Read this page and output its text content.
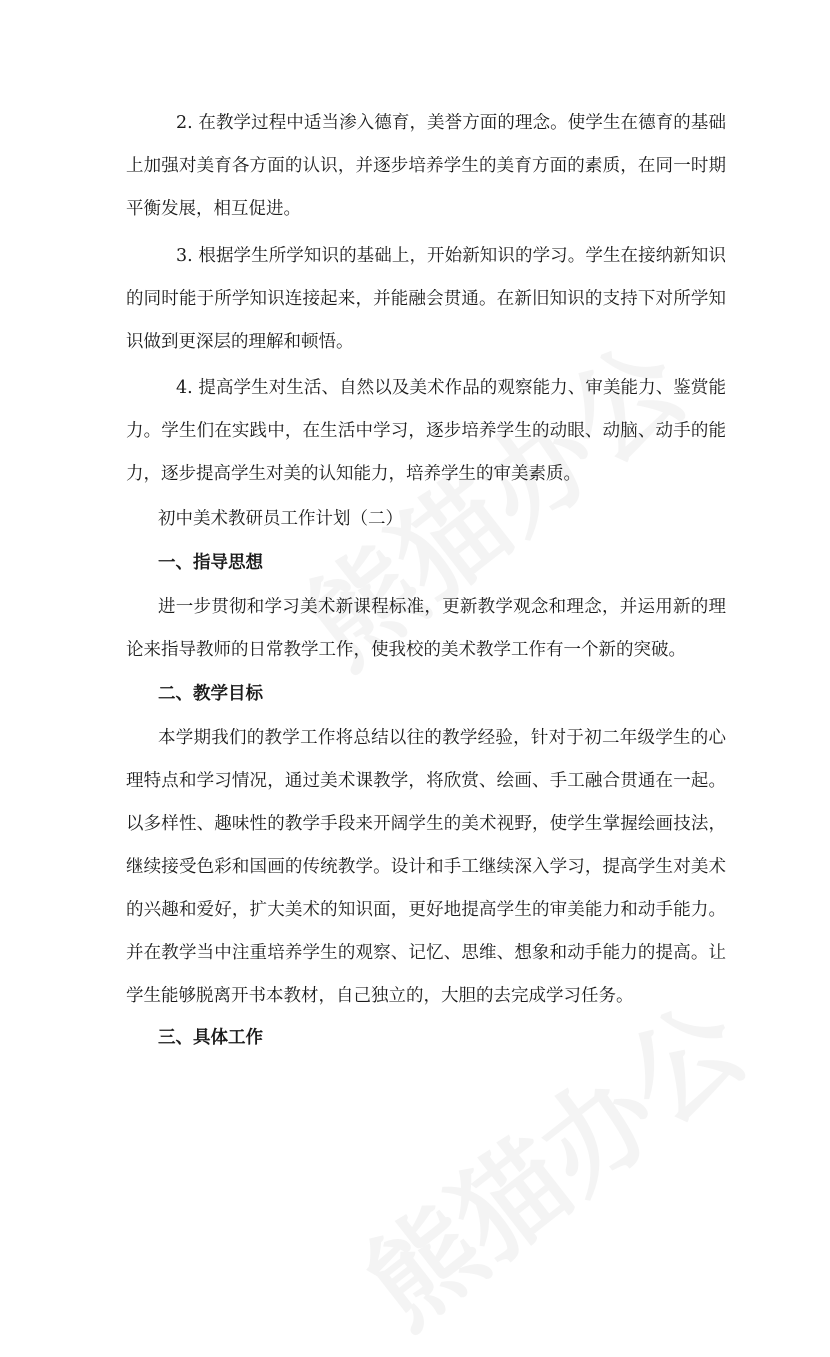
2. 在教学过程中适当渗入德育，美誉方面的理念。使学生在德育的基础
上加强对美育各方面的认识，并逐步培养学生的美育方面的素质，在同一时期
平衡发展，相互促进。
3. 根据学生所学知识的基础上，开始新知识的学习。学生在接纳新知识
的同时能于所学知识连接起来，并能融会贯通。在新旧知识的支持下对所学知
识做到更深层的理解和顿悟。
4. 提高学生对生活、自然以及美术作品的观察能力、审美能力、鉴赏能
力。学生们在实践中，在生活中学习，逐步培养学生的动眼、动脑、动手的能
力，逐步提高学生对美的认知能力，培养学生的审美素质。
初中美术教研员工作计划（二）
一、指导思想
进一步贯彻和学习美术新课程标准，更新教学观念和理念，并运用新的理
论来指导教师的日常教学工作，使我校的美术教学工作有一个新的突破。
二、教学目标
本学期我们的教学工作将总结以往的教学经验，针对于初二年级学生的心
理特点和学习情况，通过美术课教学，将欣赏、绘画、手工融合贯通在一起。
以多样性、趣味性的教学手段来开阔学生的美术视野，使学生掌握绘画技法，
继续接受色彩和国画的传统教学。设计和手工继续深入学习，提高学生对美术
的兴趣和爱好，扩大美术的知识面，更好地提高学生的审美能力和动手能力。
并在教学当中注重培养学生的观察、记忆、思维、想象和动手能力的提高。让
学生能够脱离开书本教材，自己独立的，大胆的去完成学习任务。
三、具体工作
